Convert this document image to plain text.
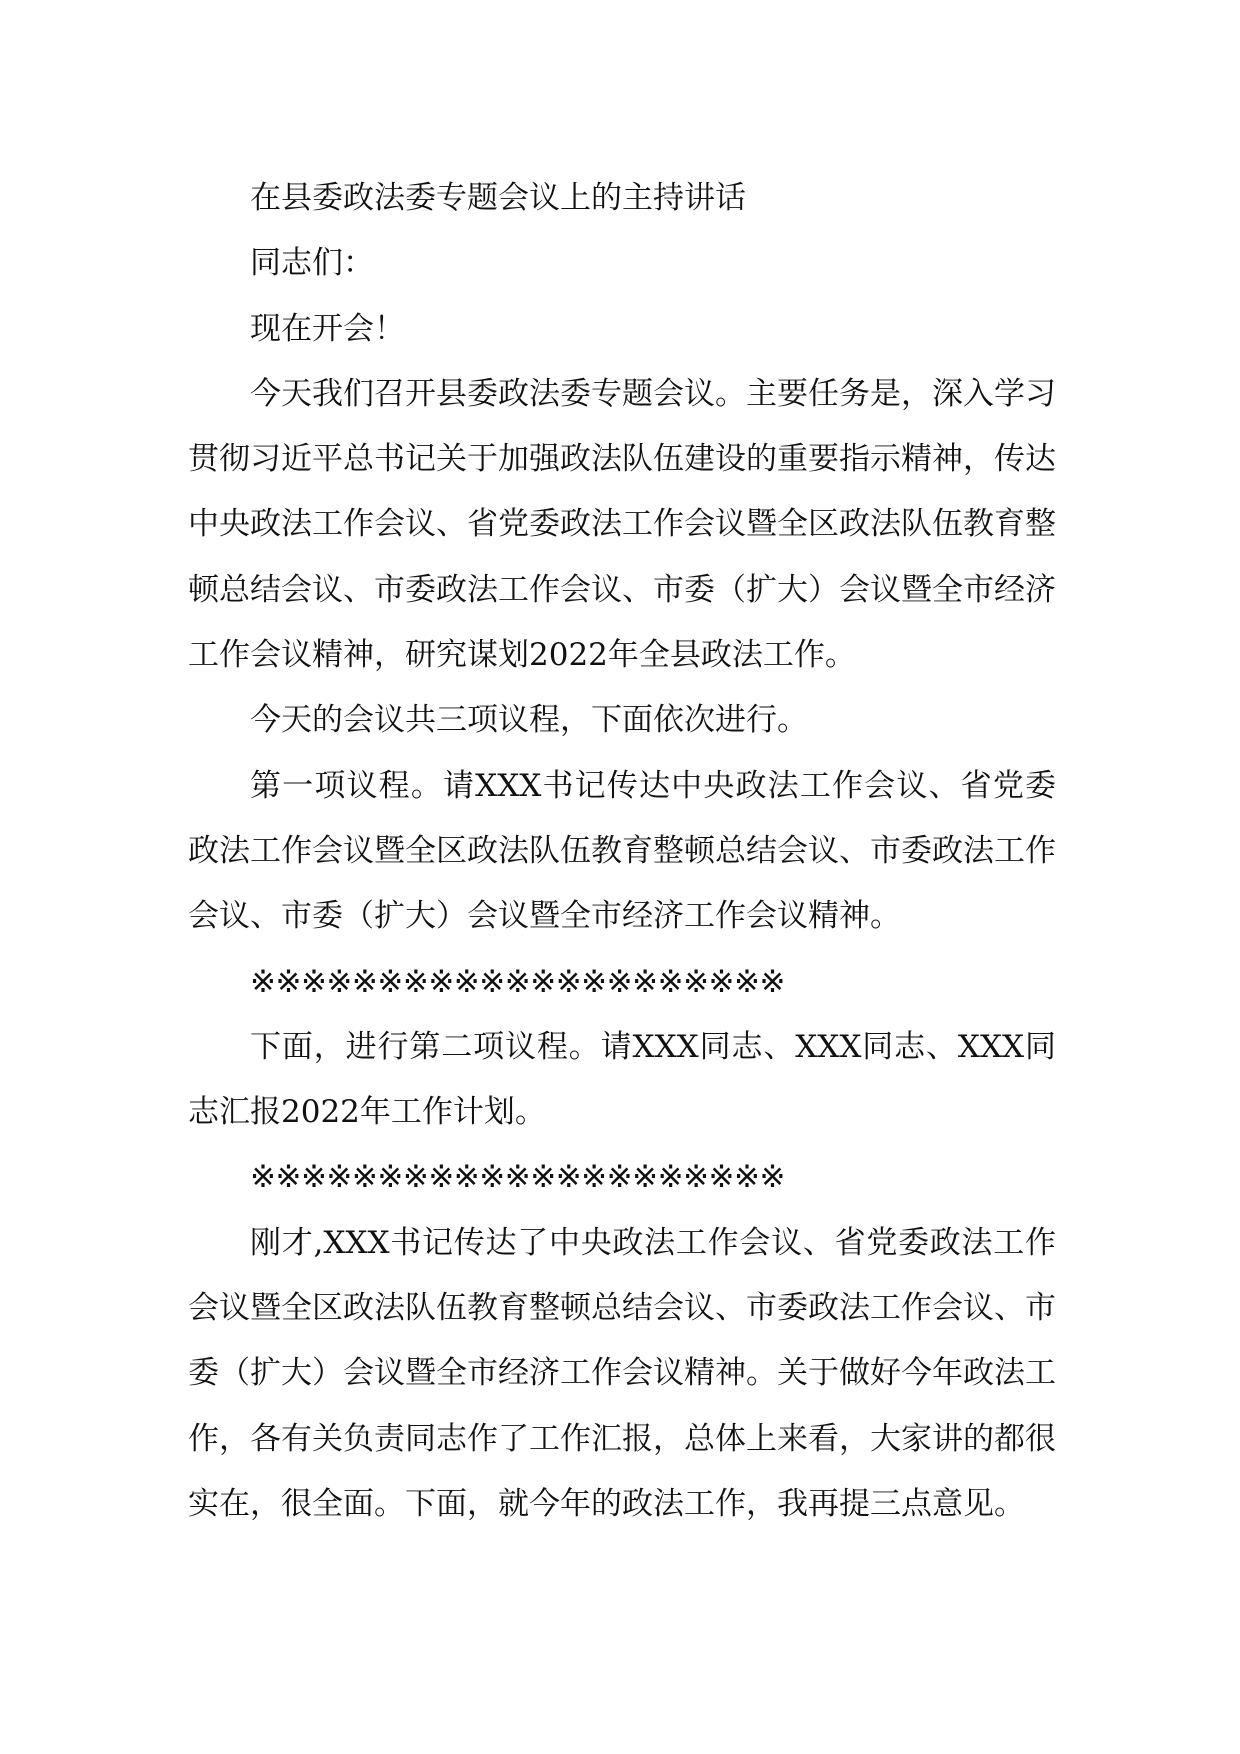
在县委政法委专题会议上的主持讲话

同志们：

现在开会！

今天我们召开县委政法委专题会议。主要任务是，深入学习贯彻习近平总书记关于加强政法队伍建设的重要指示精神，传达中央政法工作会议、省党委政法工作会议暨全区政法队伍教育整顿总结会议、市委政法工作会议、市委（扩大）会议暨全市经济工作会议精神，研究谋划2022年全县政法工作。

今天的会议共三项议程，下面依次进行。

第一项议程。请XXX书记传达中央政法工作会议、省党委政法工作会议暨全区政法队伍教育整顿总结会议、市委政法工作会议、市委（扩大）会议暨全市经济工作会议精神。

※※※※※※※※※※※※※※※※※※※※※

下面，进行第二项议程。请XXX同志、XXX同志、XXX同志汇报2022年工作计划。

※※※※※※※※※※※※※※※※※※※※※

刚才,XXX书记传达了中央政法工作会议、省党委政法工作会议暨全区政法队伍教育整顿总结会议、市委政法工作会议、市委（扩大）会议暨全市经济工作会议精神。关于做好今年政法工作，各有关负责同志作了工作汇报，总体上来看，大家讲的都很实在，很全面。下面，就今年的政法工作，我再提三点意见。
